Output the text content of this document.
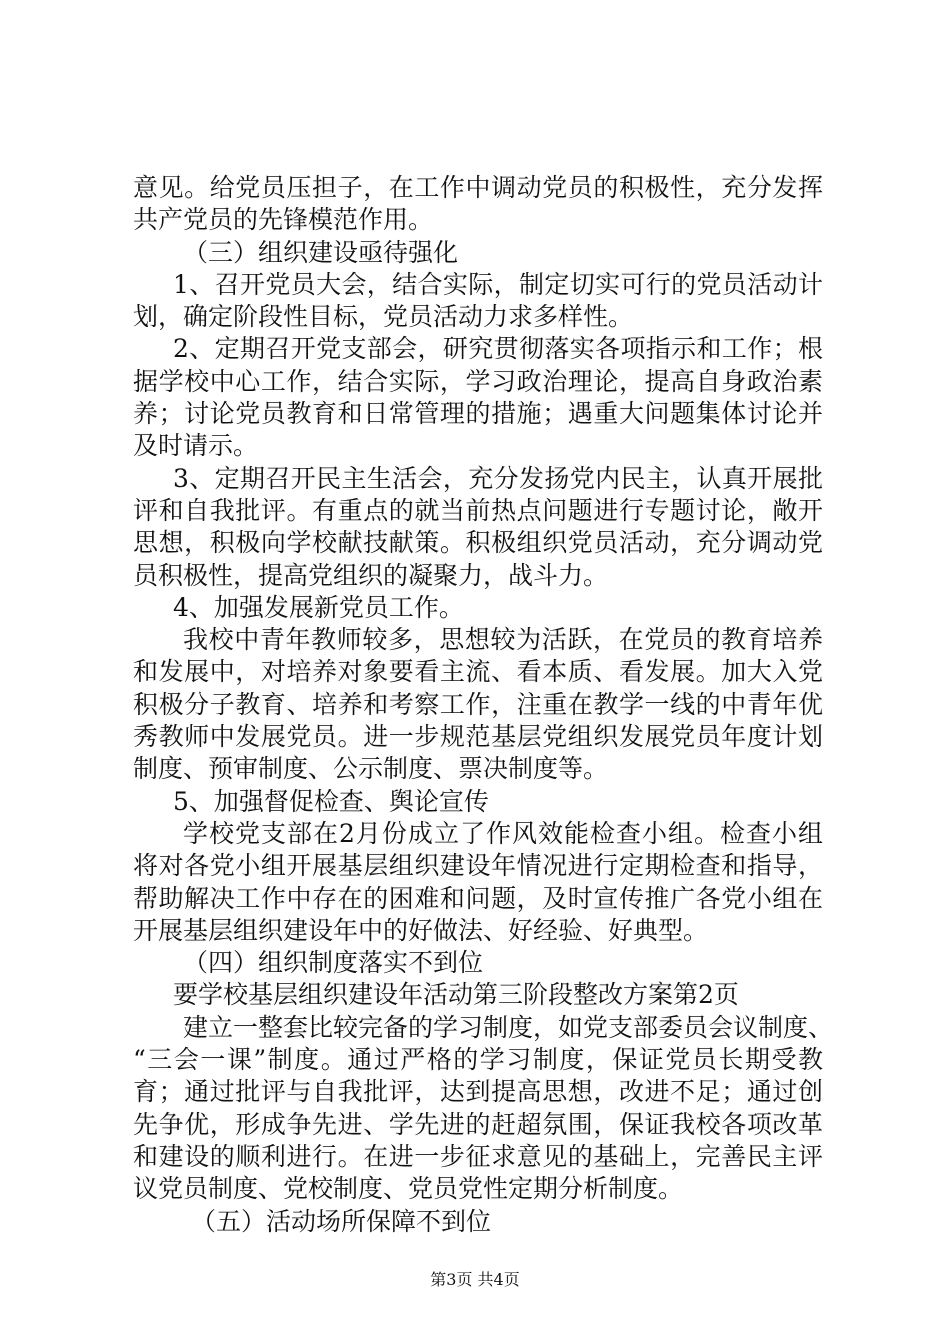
意见。给党员压担子，在工作中调动党员的积极性，充分发挥
共产党员的先锋模范作用。
（三）组织建设亟待强化
1、召开党员大会，结合实际，制定切实可行的党员活动计
划，确定阶段性目标，党员活动力求多样性。
2、定期召开党支部会，研究贯彻落实各项指示和工作；根
据学校中心工作，结合实际，学习政治理论，提高自身政治素
养；讨论党员教育和日常管理的措施；遇重大问题集体讨论并
及时请示。
3、定期召开民主生活会，充分发扬党内民主，认真开展批
评和自我批评。有重点的就当前热点问题进行专题讨论，敞开
思想，积极向学校献技献策。积极组织党员活动，充分调动党
员积极性，提高党组织的凝聚力，战斗力。
4、加强发展新党员工作。
我校中青年教师较多，思想较为活跃，在党员的教育培养
和发展中，对培养对象要看主流、看本质、看发展。加大入党
积极分子教育、培养和考察工作，注重在教学一线的中青年优
秀教师中发展党员。进一步规范基层党组织发展党员年度计划
制度、预审制度、公示制度、票决制度等。
5、加强督促检查、舆论宣传
学校党支部在2月份成立了作风效能检查小组。检查小组
将对各党小组开展基层组织建设年情况进行定期检查和指导，
帮助解决工作中存在的困难和问题，及时宣传推广各党小组在
开展基层组织建设年中的好做法、好经验、好典型。
（四）组织制度落实不到位
要学校基层组织建设年活动第三阶段整改方案第2页
建立一整套比较完备的学习制度，如党支部委员会议制度、
“三会一课”制度。通过严格的学习制度，保证党员长期受教
育；通过批评与自我批评，达到提高思想，改进不足；通过创
先争优，形成争先进、学先进的赶超氛围，保证我校各项改革
和建设的顺利进行。在进一步征求意见的基础上，完善民主评
议党员制度、党校制度、党员党性定期分析制度。
（五）活动场所保障不到位
第3页 共4页
